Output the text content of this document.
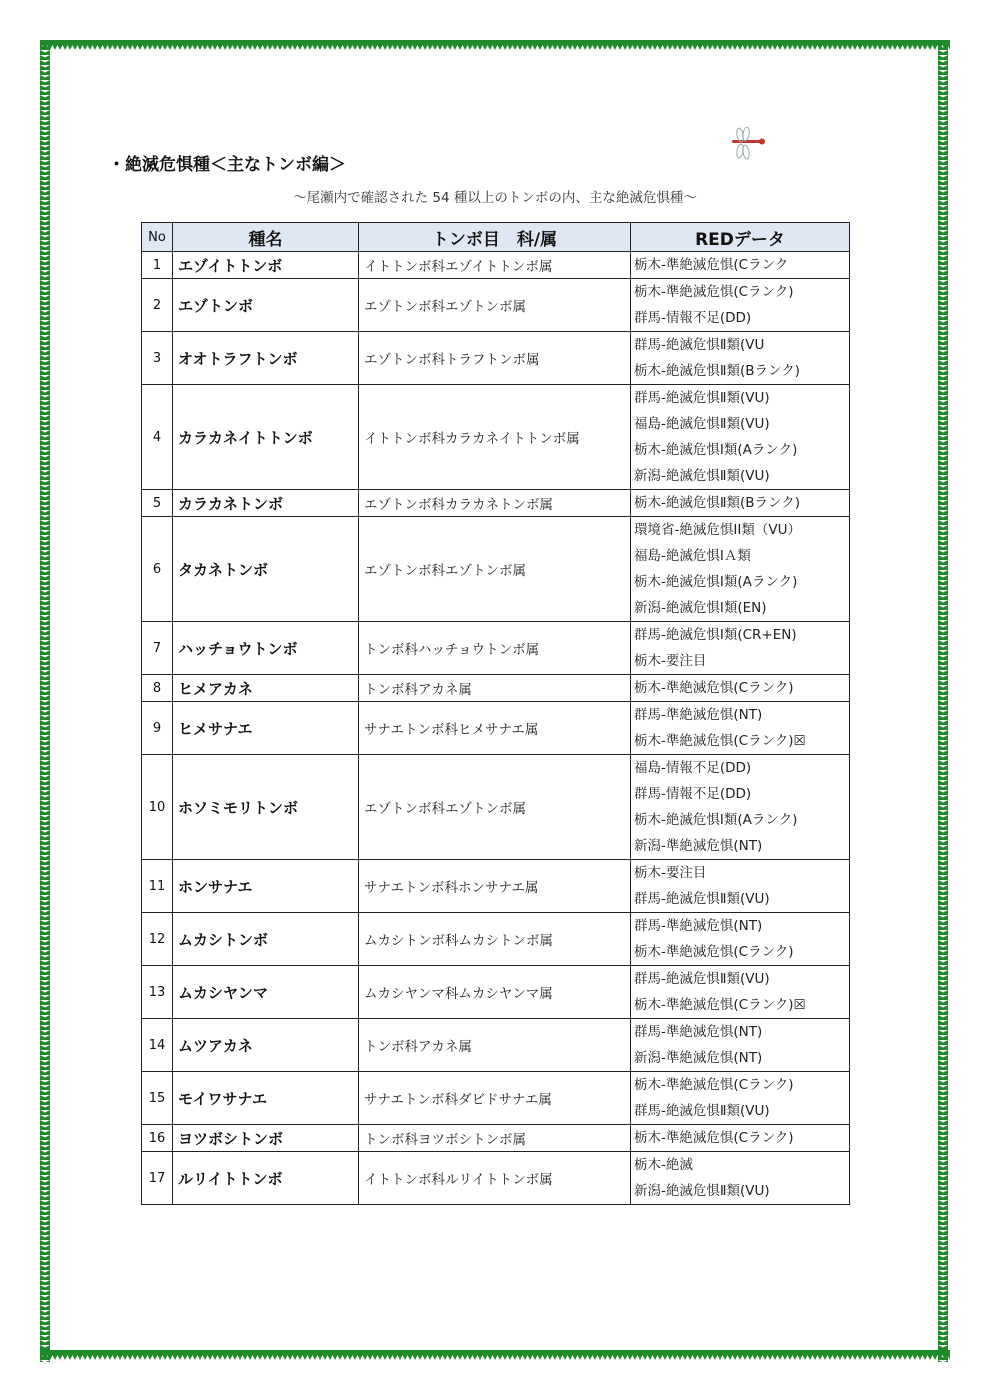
・絶滅危惧種＜主なトンボ編＞
～尾瀬内で確認された 54 種以上のトンボの内、主な絶滅危惧種～
No	種名	トンボ目　科/属	REDデータ
1	エゾイトトンボ	イトトンボ科エゾイトトンボ属	栃木-準絶滅危惧(Cランク

2	エゾトンボ	エゾトンボ科エゾトンボ属	栃木-準絶滅危惧(Cランク)
群馬-情報不足(DD)

3	オオトラフトンボ	エゾトンボ科トラフトンボ属	群馬-絶滅危惧Ⅱ類(VU
栃木-絶滅危惧Ⅱ類(Bランク)

4	カラカネイトトンボ	イトトンボ科カラカネイトトンボ属	群馬-絶滅危惧Ⅱ類(VU)
福島-絶滅危惧Ⅱ類(VU)
栃木-絶滅危惧Ⅰ類(Aランク)
新潟-絶滅危惧Ⅱ類(VU)

5	カラカネトンボ	エゾトンボ科カラカネトンボ属	栃木-絶滅危惧Ⅱ類(Bランク)

6	タカネトンボ	エゾトンボ科エゾトンボ属	環境省-絶滅危惧II類（VU）
福島-絶滅危惧ⅠＡ類
栃木-絶滅危惧Ⅰ類(Aランク)
新潟-絶滅危惧Ⅰ類(EN)

7	ハッチョウトンボ	トンボ科ハッチョウトンボ属	群馬-絶滅危惧Ⅰ類(CR+EN)
栃木-要注目

8	ヒメアカネ	トンボ科アカネ属	栃木-準絶滅危惧(Cランク)

9	ヒメサナエ	サナエトンボ科ヒメサナエ属	群馬-準絶滅危惧(NT)
栃木-準絶滅危惧(Cランク)☒

10	ホソミモリトンボ	エゾトンボ科エゾトンボ属	福島-情報不足(DD)
群馬-情報不足(DD)
栃木-絶滅危惧Ⅰ類(Aランク)
新潟-準絶滅危惧(NT)

11	ホンサナエ	サナエトンボ科ホンサナエ属	栃木-要注目
群馬-絶滅危惧Ⅱ類(VU)

12	ムカシトンボ	ムカシトンボ科ムカシトンボ属	群馬-準絶滅危惧(NT)
栃木-準絶滅危惧(Cランク)

13	ムカシヤンマ	ムカシヤンマ科ムカシヤンマ属	群馬-絶滅危惧Ⅱ類(VU)
栃木-準絶滅危惧(Cランク)☒

14	ムツアカネ	トンボ科アカネ属	群馬-準絶滅危惧(NT)
新潟-準絶滅危惧(NT)

15	モイワサナエ	サナエトンボ科ダビドサナエ属	栃木-準絶滅危惧(Cランク)
群馬-絶滅危惧Ⅱ類(VU)

16	ヨツボシトンボ	トンボ科ヨツボシトンボ属	栃木-準絶滅危惧(Cランク)

17	ルリイトトンボ	イトトンボ科ルリイトトンボ属	栃木-絶滅
新潟-絶滅危惧Ⅱ類(VU)
